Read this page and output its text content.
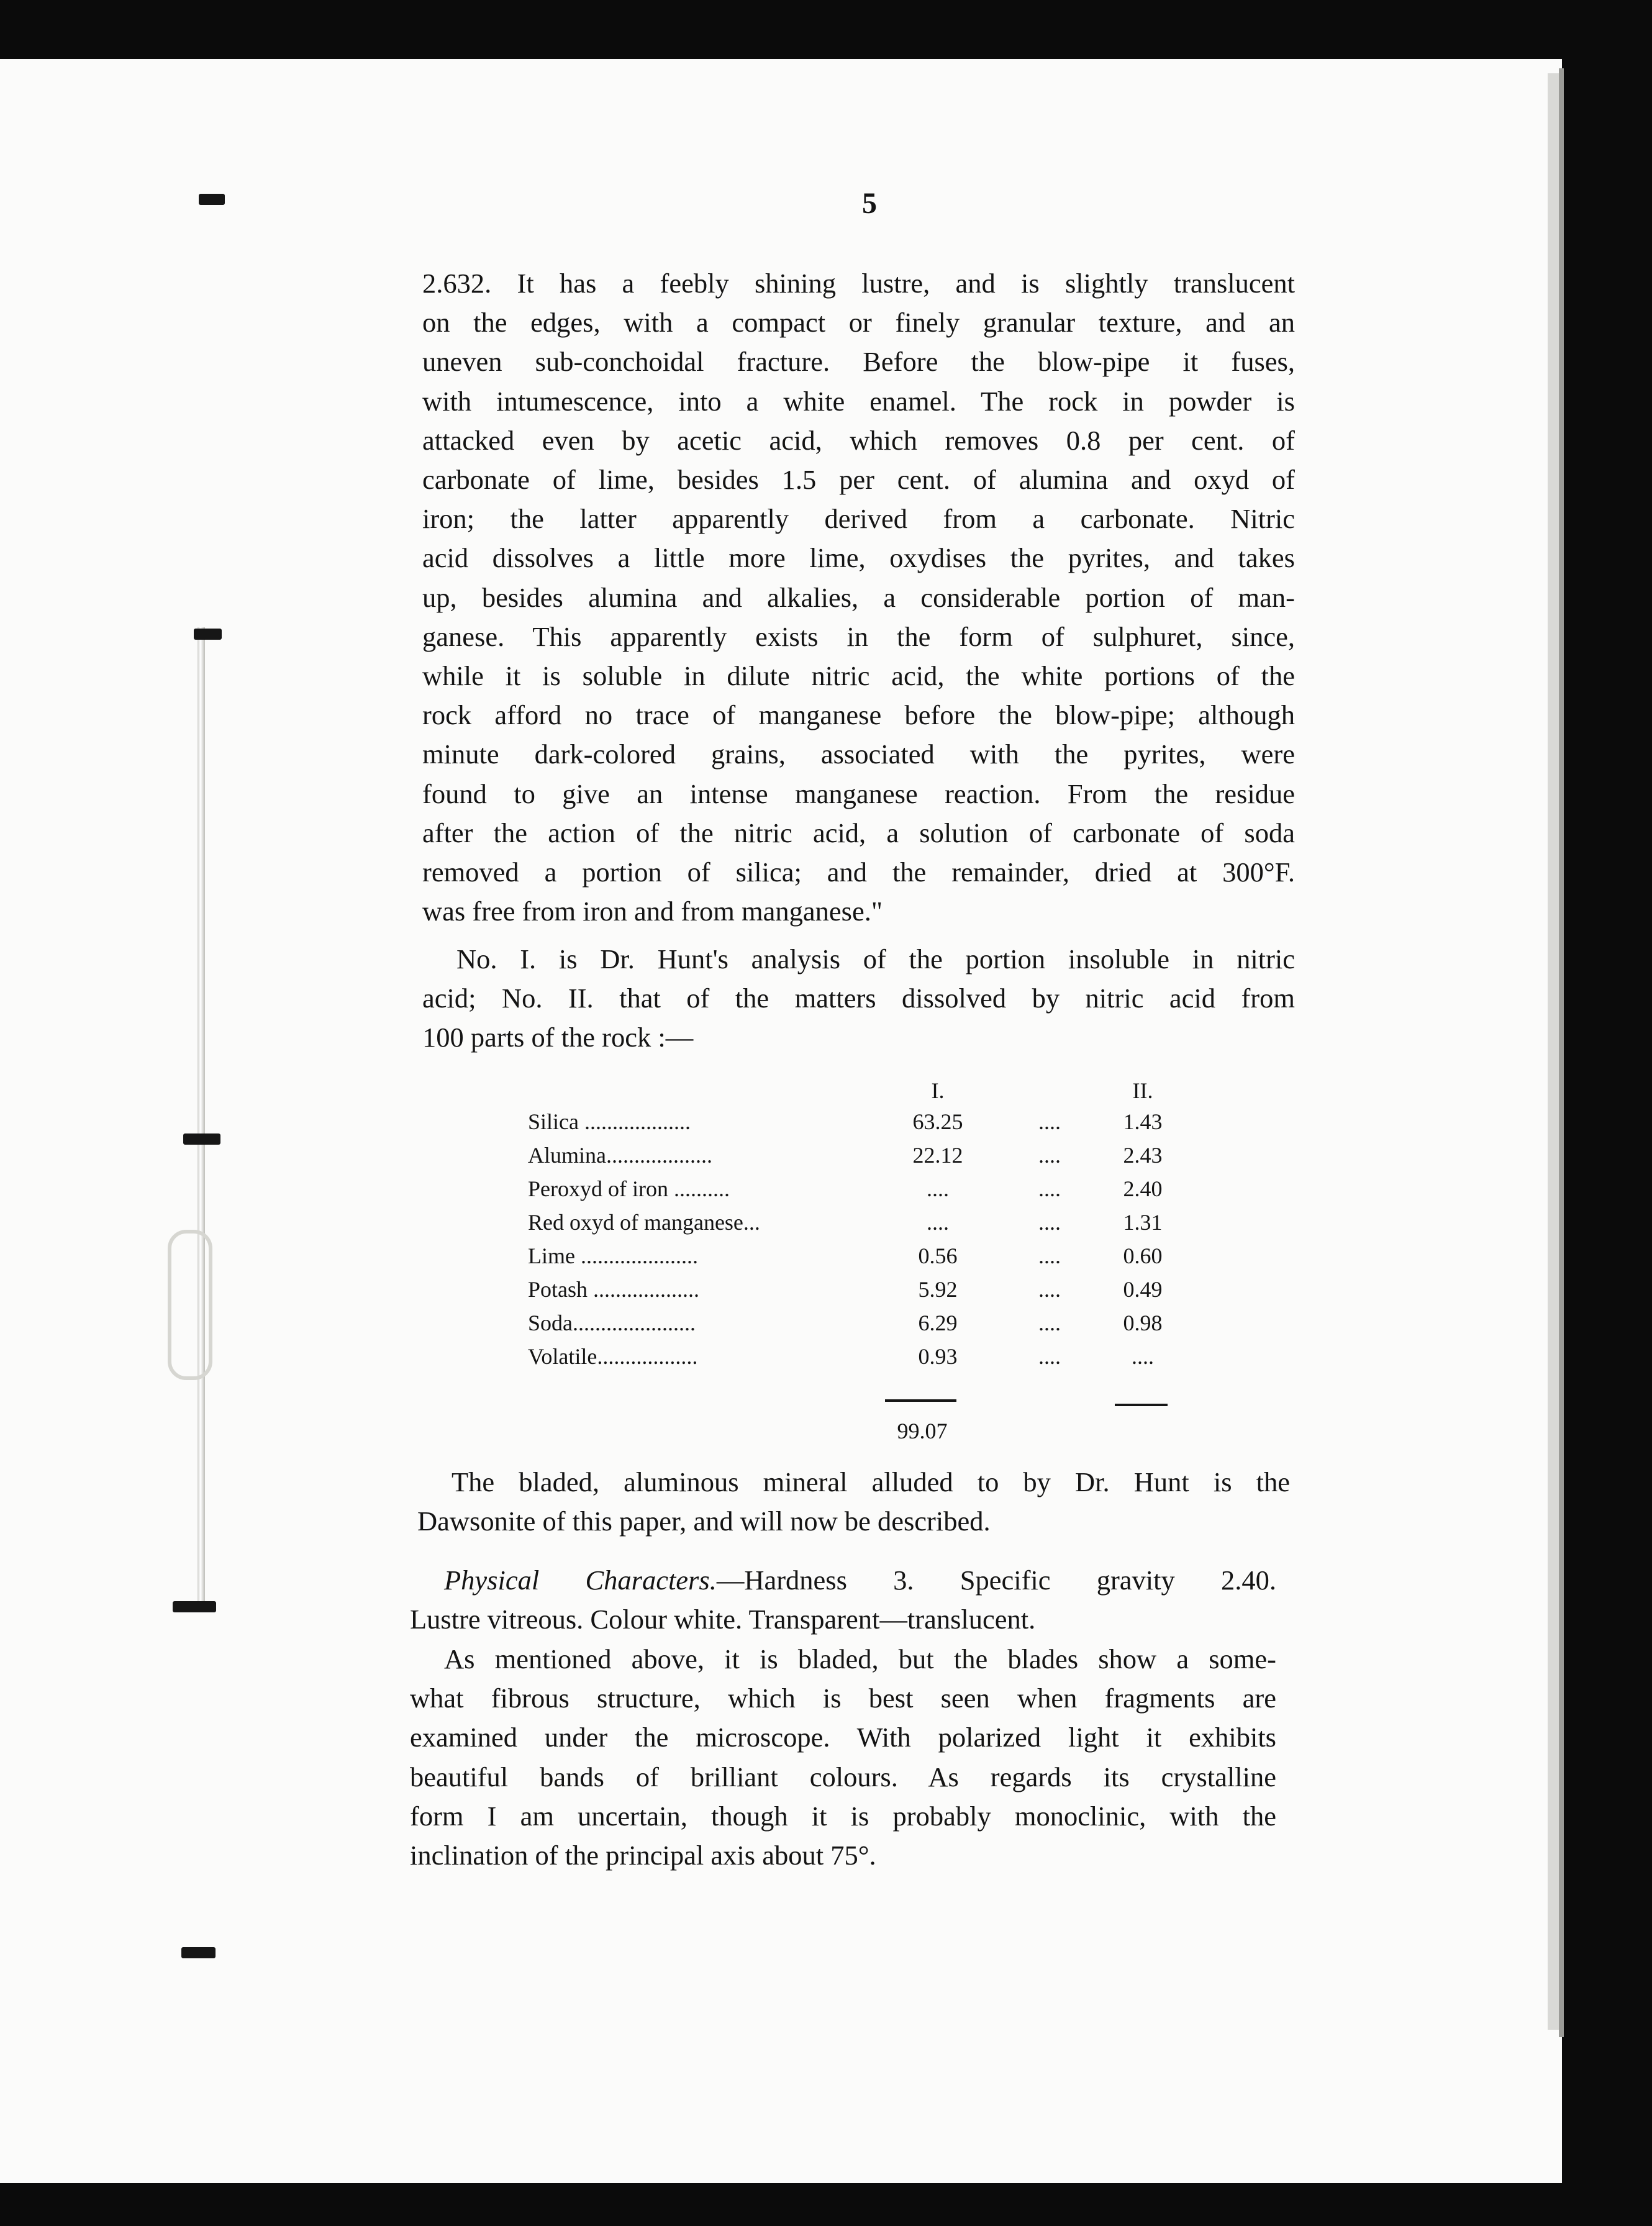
5
2.632. It has a feebly shining lustre, and is slightly translucent
on the edges, with a compact or finely granular texture, and an
uneven sub-conchoidal fracture. Before the blow-pipe it fuses,
with intumescence, into a white enamel. The rock in powder is
attacked even by acetic acid, which removes 0.8 per cent. of
carbonate of lime, besides 1.5 per cent. of alumina and oxyd of
iron; the latter apparently derived from a carbonate. Nitric
acid dissolves a little more lime, oxydises the pyrites, and takes
up, besides alumina and alkalies, a considerable portion of man-
ganese. This apparently exists in the form of sulphuret, since,
while it is soluble in dilute nitric acid, the white portions of the
rock afford no trace of manganese before the blow-pipe; although
minute dark-colored grains, associated with the pyrites, were
found to give an intense manganese reaction. From the residue
after the action of the nitric acid, a solution of carbonate of soda
removed a portion of silica; and the remainder, dried at 300°F.
was free from iron and from manganese."
No. I. is Dr. Hunt's analysis of the portion insoluble in nitric
acid; No. II. that of the matters dissolved by nitric acid from
100 parts of the rock :—
I.	II.
Silica ...................	63.25	....	1.43
Alumina...................	22.12	....	2.43
Peroxyd of iron ..........	....	....	2.40
Red oxyd of manganese...	....	....	1.31
Lime .....................	0.56	....	0.60
Potash ...................	5.92	....	0.49
Soda......................	6.29	....	0.98
Volatile..................	0.93	....	....
99.07
The bladed, aluminous mineral alluded to by Dr. Hunt is the
Dawsonite of this paper, and will now be described.
Physical Characters.—Hardness 3. Specific gravity 2.40.
Lustre vitreous. Colour white. Transparent—translucent.
As mentioned above, it is bladed, but the blades show a some-
what fibrous structure, which is best seen when fragments are
examined under the microscope. With polarized light it exhibits
beautiful bands of brilliant colours. As regards its crystalline
form I am uncertain, though it is probably monoclinic, with the
inclination of the principal axis about 75°.
